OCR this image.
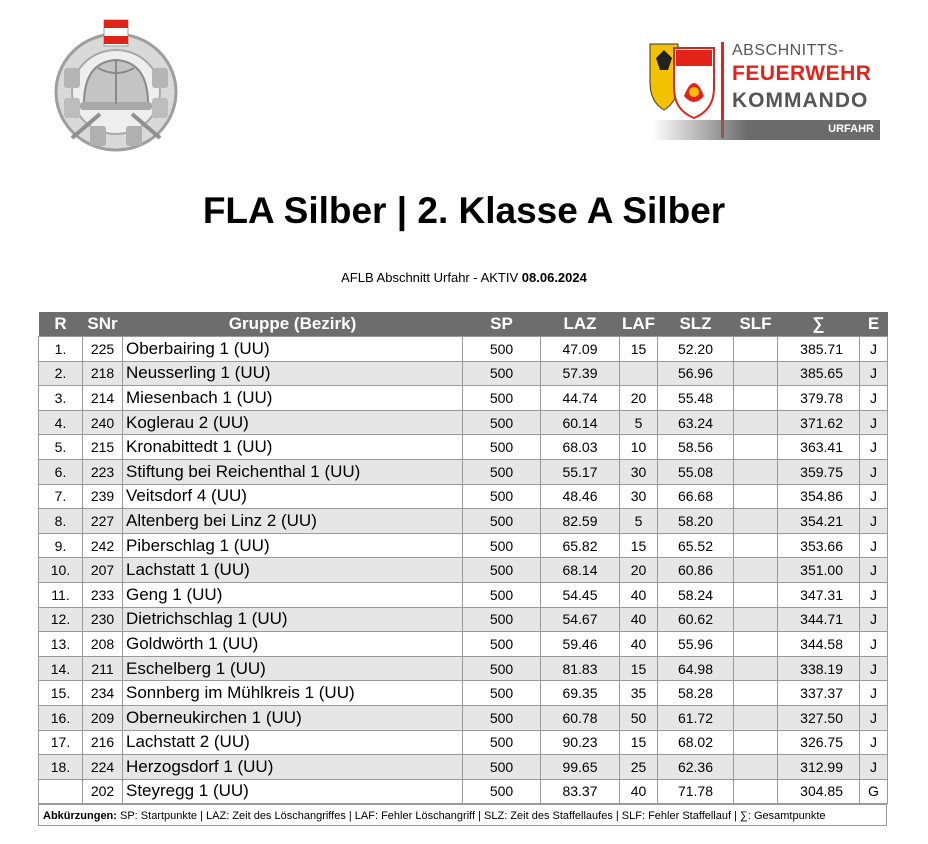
ABSCHNITTS-
FEUERWEHR
KOMMANDO
URFAHR
FLA Silber | 2. Klasse A Silber
AFLB Abschnitt Urfahr - AKTIV 08.06.2024
R	SNr	Gruppe (Bezirk)	SP	LAZ	LAF	SLZ	SLF	∑	E
1.	225	Oberbairing 1 (UU)	500	47.09	15	52.20		385.71	J
2.	218	Neusserling 1 (UU)	500	57.39		56.96		385.65	J
3.	214	Miesenbach 1 (UU)	500	44.74	20	55.48		379.78	J
4.	240	Koglerau 2 (UU)	500	60.14	5	63.24		371.62	J
5.	215	Kronabittedt 1 (UU)	500	68.03	10	58.56		363.41	J
6.	223	Stiftung bei Reichenthal 1 (UU)	500	55.17	30	55.08		359.75	J
7.	239	Veitsdorf 4 (UU)	500	48.46	30	66.68		354.86	J
8.	227	Altenberg bei Linz 2 (UU)	500	82.59	5	58.20		354.21	J
9.	242	Piberschlag 1 (UU)	500	65.82	15	65.52		353.66	J
10.	207	Lachstatt 1 (UU)	500	68.14	20	60.86		351.00	J
11.	233	Geng 1 (UU)	500	54.45	40	58.24		347.31	J
12.	230	Dietrichschlag 1 (UU)	500	54.67	40	60.62		344.71	J
13.	208	Goldwörth 1 (UU)	500	59.46	40	55.96		344.58	J
14.	211	Eschelberg 1 (UU)	500	81.83	15	64.98		338.19	J
15.	234	Sonnberg im Mühlkreis 1 (UU)	500	69.35	35	58.28		337.37	J
16.	209	Oberneukirchen 1 (UU)	500	60.78	50	61.72		327.50	J
17.	216	Lachstatt 2 (UU)	500	90.23	15	68.02		326.75	J
18.	224	Herzogsdorf 1 (UU)	500	99.65	25	62.36		312.99	J
	202	Steyregg 1 (UU)	500	83.37	40	71.78		304.85	G
Abkürzungen: SP: Startpunkte | LAZ: Zeit des Löschangriffes | LAF: Fehler Löschangriff | SLZ: Zeit des Staffellaufes | SLF: Fehler Staffellauf | ∑: Gesamtpunkte
